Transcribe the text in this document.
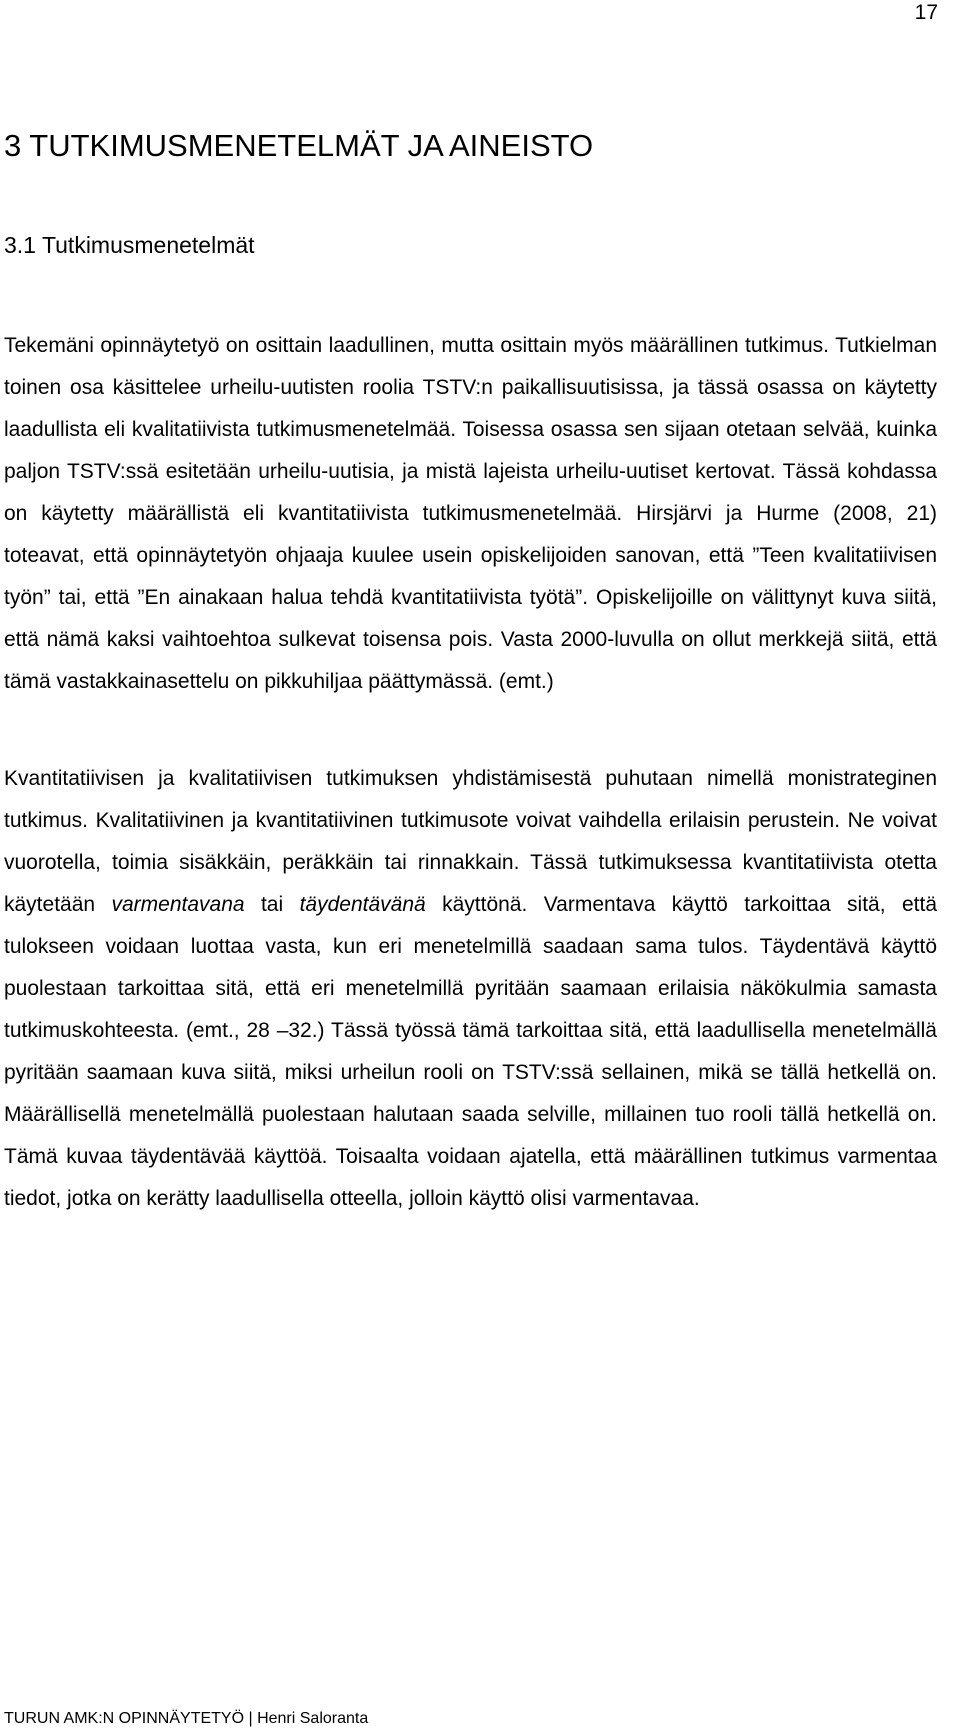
17
3 TUTKIMUSMENETELMÄT JA AINEISTO
3.1 Tutkimusmenetelmät

Tekemäni opinnäytetyö on osittain laadullinen, mutta osittain myös määrällinen tutkimus. Tutkielman toinen osa käsittelee urheilu-uutisten roolia TSTV:n paikallisuutisissa, ja tässä osassa on käytetty laadullista eli kvalitatiivista tutkimusmenetelmää. Toisessa osassa sen sijaan otetaan selvää, kuinka paljon TSTV:ssä esitetään urheilu-uutisia, ja mistä lajeista urheilu-uutiset kertovat. Tässä kohdassa on käytetty määrällistä eli kvantitatiivista tutkimusmenetelmää. Hirsjärvi ja Hurme (2008, 21) toteavat, että opinnäytetyön ohjaaja kuulee usein opiskelijoiden sanovan, että ”Teen kvalitatiivisen työn” tai, että ”En ainakaan halua tehdä kvantitatiivista työtä”. Opiskelijoille on välittynyt kuva siitä, että nämä kaksi vaihtoehtoa sulkevat toisensa pois. Vasta 2000-luvulla on ollut merkkejä siitä, että tämä vastakkainasettelu on pikkuhiljaa päättymässä. (emt.)

Kvantitatiivisen ja kvalitatiivisen tutkimuksen yhdistämisestä puhutaan nimellä monistrateginen tutkimus. Kvalitatiivinen ja kvantitatiivinen tutkimusote voivat vaihdella erilaisin perustein. Ne voivat vuorotella, toimia sisäkkäin, peräkkäin tai rinnakkain. Tässä tutkimuksessa kvantitatiivista otetta käytetään varmentavana tai täydentävänä käyttönä. Varmentava käyttö tarkoittaa sitä, että tulokseen voidaan luottaa vasta, kun eri menetelmillä saadaan sama tulos. Täydentävä käyttö puolestaan tarkoittaa sitä, että eri menetelmillä pyritään saamaan erilaisia näkökulmia samasta tutkimuskohteesta. (emt., 28 –32.) Tässä työssä tämä tarkoittaa sitä, että laadullisella menetelmällä pyritään saamaan kuva siitä, miksi urheilun rooli on TSTV:ssä sellainen, mikä se tällä hetkellä on. Määrällisellä menetelmällä puolestaan halutaan saada selville, millainen tuo rooli tällä hetkellä on. Tämä kuvaa täydentävää käyttöä. Toisaalta voidaan ajatella, että määrällinen tutkimus varmentaa tiedot, jotka on kerätty laadullisella otteella, jolloin käyttö olisi varmentavaa.

TURUN AMK:N OPINNÄYTETYÖ | Henri Saloranta
